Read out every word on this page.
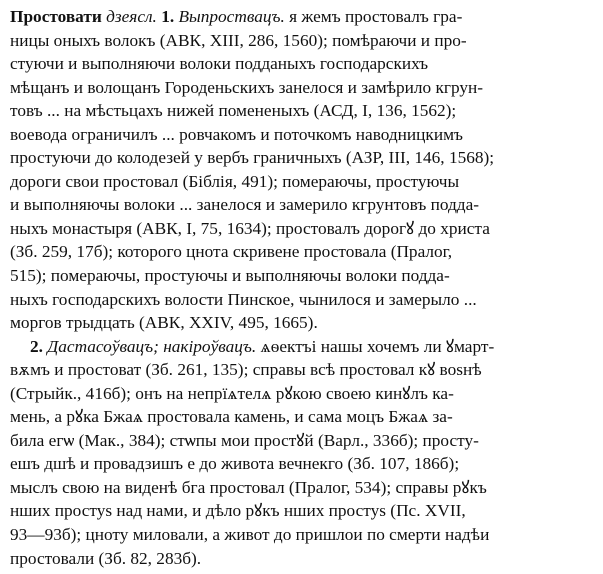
Простовати дзеясл. 1. Выпроствацъ. я жемъ простовалъ гра-
ницы оныхъ волокъ (АВК, XIII, 286, 1560); помѣраючи и про-
стуючи и выполняючи волоки подданыхъ господарскихъ
мѣщанъ и волощанъ Городеньскихъ занелося и замѣрило кгрун-
товъ ... на мѣстьцахъ нижей помененыхъ (АСД, I, 136, 1562);
воевода ограничилъ ... ровчакомъ и поточкомъ наводницкимъ
простуючи до колодезей у вербъ граничныхъ (АЗР, III, 146, 1568);
дороги свои простовал (Біблія, 491); помераючы, простуючы
и выполняючы волоки ... занелося и замерило кгрунтовъ подда-
ныхъ монастыря (АВК, I, 75, 1634); простовалъ дорогꙋ до христа
(Зб. 259, 17б); которого цнота скривене простовала (Пралог,
515); помераючы, простуючы и выполняючы волоки подда-
ныхъ господарскихъ волости Пинское, чынилося и замерыло ...
моргов трыдцать (АВК, XXIV, 495, 1665).
2. Дастасоўвацъ; накіроўвацъ. ѧѳектъі нашы хочемъ ли ꙋмарт-
вѫмъ и простоват (Зб. 261, 135); справы всѣ простовал кꙋ воѕнѣ
(Стрыйк., 416б); онъ на непрїѧтелѧ рꙋкою своею кинꙋлъ ка-
мень, а рꙋка Бжаѧ простовала камень, и сама моцъ Бжаѧ за-
била егѡ (Мак., 384); стѡпы мои простꙋй (Варл., 336б); просту-
ешъ дшѣ и провадзишъ е до живота вечнекго (Зб. 107, 186б);
мыслъ свою на виденѣ бга простовал (Пралог, 534); справы рꙋкъ
нших простуѕ над нами, и дѣло рꙋкъ нших простуѕ (Пс. XVII,
93—93б); цноту миловали, а живот до пришлои по смерти надѣи
простовали (Зб. 82, 283б).
